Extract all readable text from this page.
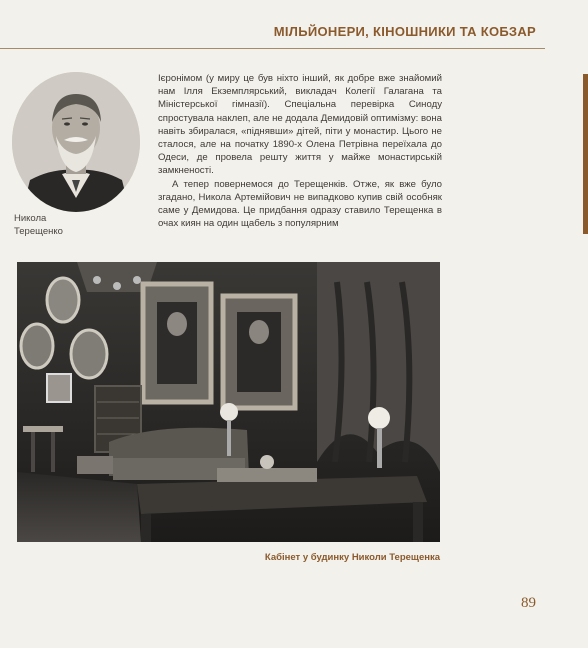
МІЛЬЙОНЕРИ, КІНОШНИКИ ТА КОБЗАР
Никола
Терещенко

Ієронімом (у миру це був ніхто інший, як добре вже знайомий нам Ілля Екземплярський, викладач Колегії Галагана та Міністерської гімназії). Спеціальна перевірка Синоду спростувала наклеп, але не додала Демидовій оптимізму: вона навіть збиралася, «піднявши» дітей, піти у монастир. Цього не сталося, але на початку 1890-х Олена Петрівна переїхала до Одеси, де провела решту життя у майже монастирській замкненості.

А тепер повернемося до Терещенків. Отже, як вже було згадано, Никола Артемійович не випадково купив свій особняк саме у Демидова. Це придбання одразу ставило Терещенка в очах киян на один щабель з популярним

Кабінет у будинку Николи Терещенка
89
